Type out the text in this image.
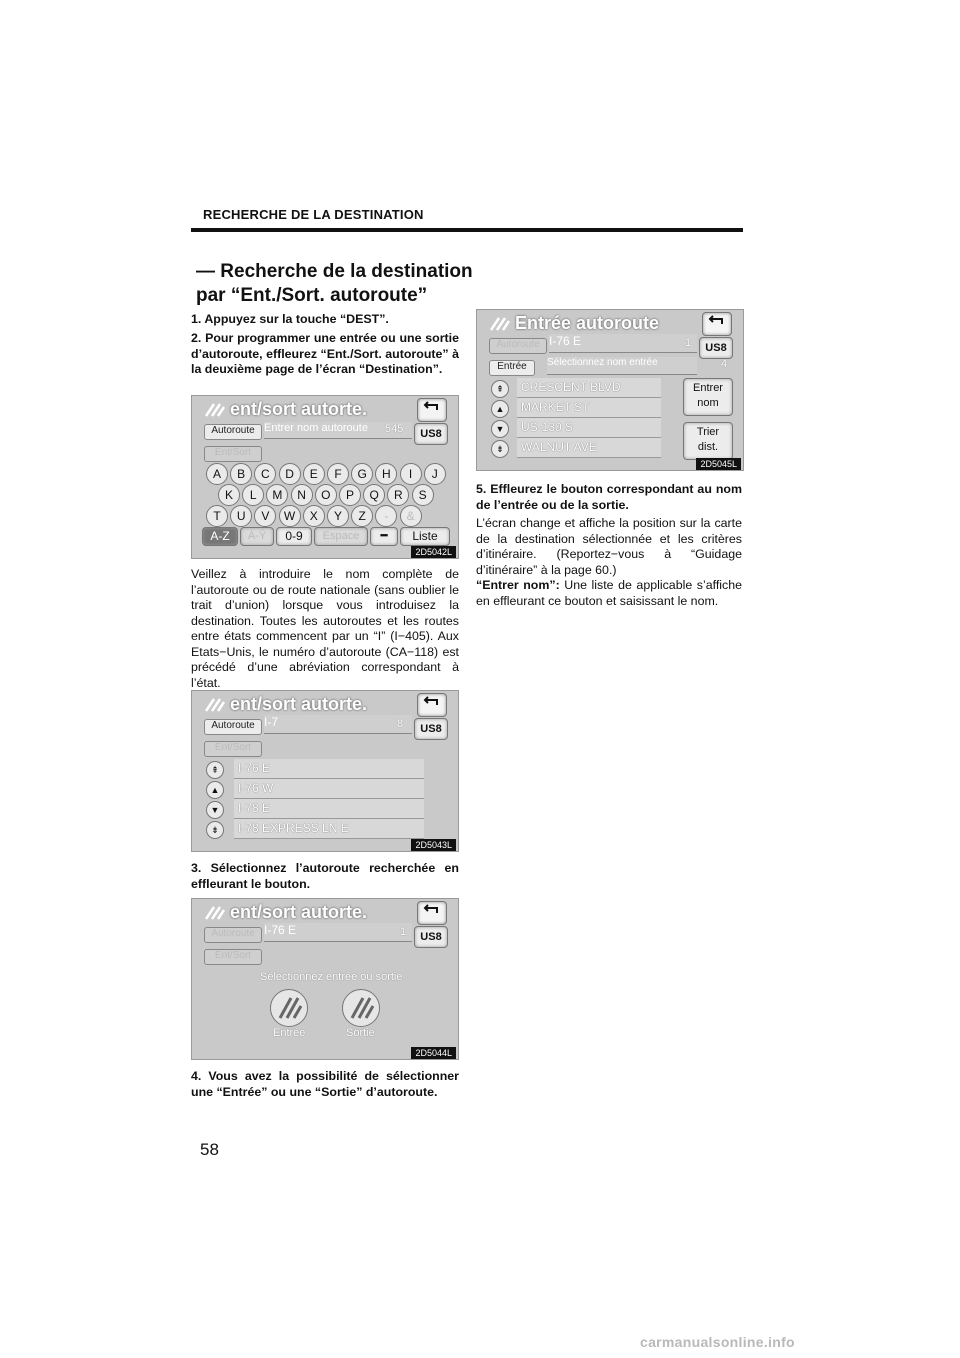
RECHERCHE DE LA DESTINATION
— Recherche de la destination
par “Ent./Sort. autoroute”
1. Appuyez sur la touche “DEST”.
2. Pour programmer une entrée ou une sortie d’autoroute, effleurez “Ent./Sort. autoroute” à la deuxième page de l’écran “Destination”.
ent/sort autorte.
Autoroute Entrer nom autoroute	545	US8
Ent/Sort
A	B	C	D	E	F	G	H	I	J
K	L	M	N	O	P	Q	R	S
T	U	V	W	X	Y	Z	-	&
A-Z	À-Ÿ	0-9	Espace	━	Liste
2D5042L
Veillez à introduire le nom complète de l’autoroute ou de route nationale (sans oublier le trait d’union) lorsque vous introduisez la destination. Toutes les autoroutes et les routes entre états commencent par un “I” (I−405). Aux Etats−Unis, le numéro d’autoroute (CA−118) est précédé d’une abréviation correspondant à l’état.
ent/sort autorte.
Autoroute I-7	8	US8
Ent/Sort
⇞
▲
▼
⇟
I-76 E
I-76 W
I-78 E
I-78 EXPRESS LN E
2D5043L
3. Sélectionnez l’autoroute recherchée en effleurant le bouton.
ent/sort autorte.
Autoroute I-76 E	1	US8
Ent/Sort
Sélectionnez entrée ou sortie
Entrée	Sortie
2D5044L
4. Vous avez la possibilité de sélectionner une “Entrée” ou une “Sortie” d’autoroute.
Entrée autoroute
Autoroute I-76 E	1	US8
Entrée	Sélectionnez nom entrée	4
⇞
▲
▼
⇟
CRESCENT BLVD
MARKET ST
US-130 S
WALNUT AVE
Entrer
nom
Trier
dist.
2D5045L
5. Effleurez le bouton correspondant au nom de l’entrée ou de la sortie.
L’écran change et affiche la position sur la carte de la destination sélectionnée et les critères d’itinéraire. (Reportez−vous à “Guidage d’itinéraire” à la page 60.)
“Entrer nom”: Une liste de applicable s’affiche en effleurant ce bouton et saisissant le nom.
58
carmanualsonline.info
